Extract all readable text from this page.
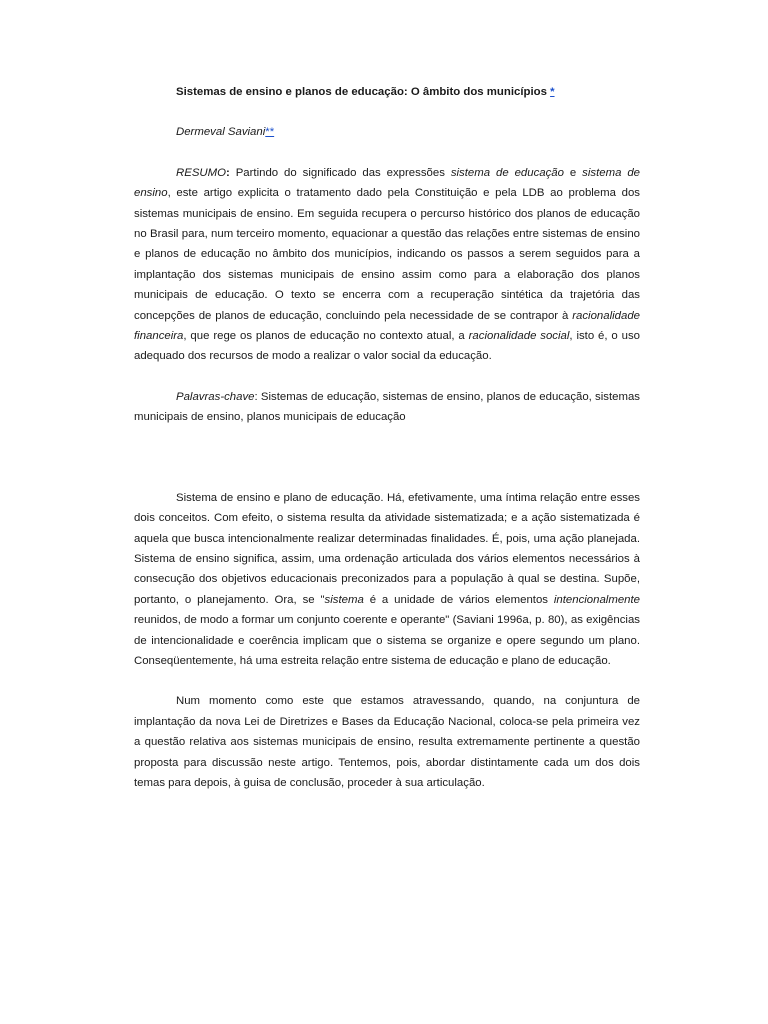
Sistemas de ensino e planos de educação: O âmbito dos municípios *

Dermeval Saviani**

RESUMO: Partindo do significado das expressões sistema de educação e sistema de ensino, este artigo explicita o tratamento dado pela Constituição e pela LDB ao problema dos sistemas municipais de ensino. Em seguida recupera o percurso histórico dos planos de educação no Brasil para, num terceiro momento, equacionar a questão das relações entre sistemas de ensino e planos de educação no âmbito dos municípios, indicando os passos a serem seguidos para a implantação dos sistemas municipais de ensino assim como para a elaboração dos planos municipais de educação. O texto se encerra com a recuperação sintética da trajetória das concepções de planos de educação, concluindo pela necessidade de se contrapor à racionalidade financeira, que rege os planos de educação no contexto atual, a racionalidade social, isto é, o uso adequado dos recursos de modo a realizar o valor social da educação.

Palavras-chave: Sistemas de educação, sistemas de ensino, planos de educação, sistemas municipais de ensino, planos municipais de educação

Sistema de ensino e plano de educação. Há, efetivamente, uma íntima relação entre esses dois conceitos. Com efeito, o sistema resulta da atividade sistematizada; e a ação sistematizada é aquela que busca intencionalmente realizar determinadas finalidades. É, pois, uma ação planejada. Sistema de ensino significa, assim, uma ordenação articulada dos vários elementos necessários à consecução dos objetivos educacionais preconizados para a população à qual se destina. Supõe, portanto, o planejamento. Ora, se "sistema é a unidade de vários elementos intencionalmente reunidos, de modo a formar um conjunto coerente e operante" (Saviani 1996a, p. 80), as exigências de intencionalidade e coerência implicam que o sistema se organize e opere segundo um plano. Conseqüentemente, há uma estreita relação entre sistema de educação e plano de educação.

Num momento como este que estamos atravessando, quando, na conjuntura de implantação da nova Lei de Diretrizes e Bases da Educação Nacional, coloca-se pela primeira vez a questão relativa aos sistemas municipais de ensino, resulta extremamente pertinente a questão proposta para discussão neste artigo. Tentemos, pois, abordar distintamente cada um dos dois temas para depois, à guisa de conclusão, proceder à sua articulação.
